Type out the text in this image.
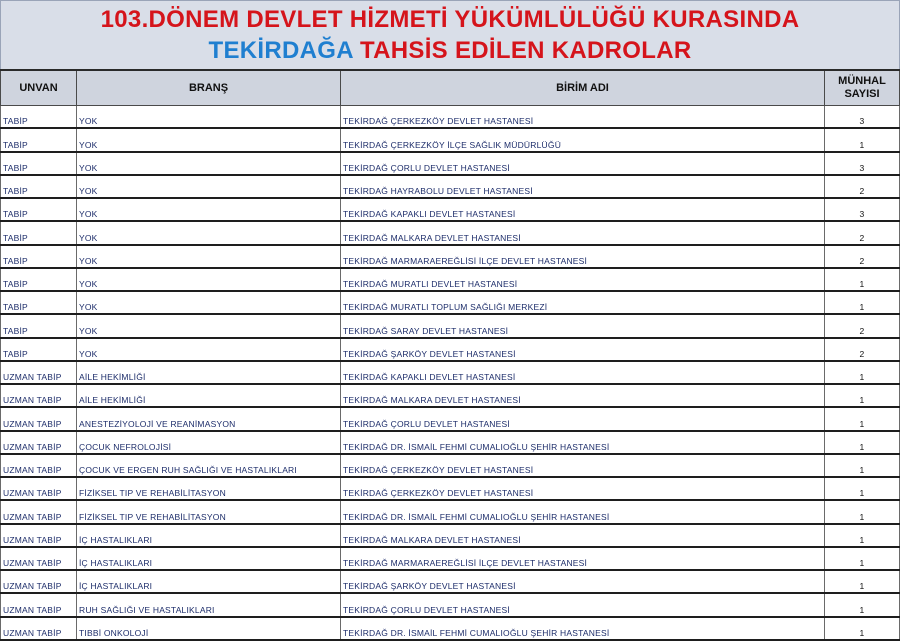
103.DÖNEM DEVLET HİZMETİ YÜKÜMLÜLÜĞÜ KURASINDA
TEKİRDAĞA TAHSİS EDİLEN KADROLAR
UNVAN	BRANŞ	BİRİM ADI	MÜNHAL
SAYISI
TABİP	YOK	TEKİRDAĞ ÇERKEZKÖY DEVLET HASTANESİ	3
TABİP	YOK	TEKİRDAĞ ÇERKEZKÖY İLÇE SAĞLIK MÜDÜRLÜĞÜ	1
TABİP	YOK	TEKİRDAĞ ÇORLU DEVLET HASTANESİ	3
TABİP	YOK	TEKİRDAĞ HAYRABOLU DEVLET HASTANESİ	2
TABİP	YOK	TEKİRDAĞ KAPAKLI DEVLET HASTANESİ	3
TABİP	YOK	TEKİRDAĞ MALKARA DEVLET HASTANESİ	2
TABİP	YOK	TEKİRDAĞ MARMARAEREĞLİSİ İLÇE DEVLET HASTANESİ	2
TABİP	YOK	TEKİRDAĞ MURATLI DEVLET HASTANESİ	1
TABİP	YOK	TEKİRDAĞ MURATLI TOPLUM SAĞLIĞI MERKEZİ	1
TABİP	YOK	TEKİRDAĞ SARAY DEVLET HASTANESİ	2
TABİP	YOK	TEKİRDAĞ ŞARKÖY DEVLET HASTANESİ	2
UZMAN TABİP	AİLE HEKİMLİĞİ	TEKİRDAĞ KAPAKLI DEVLET HASTANESİ	1
UZMAN TABİP	AİLE HEKİMLİĞİ	TEKİRDAĞ MALKARA DEVLET HASTANESİ	1
UZMAN TABİP	ANESTEZİYOLOJİ VE REANİMASYON	TEKİRDAĞ ÇORLU DEVLET HASTANESİ	1
UZMAN TABİP	ÇOCUK NEFROLOJİSİ	TEKİRDAĞ DR. İSMAİL FEHMİ CUMALIOĞLU ŞEHİR HASTANESİ	1
UZMAN TABİP	ÇOCUK VE ERGEN RUH SAĞLIĞI VE HASTALIKLARI	TEKİRDAĞ ÇERKEZKÖY DEVLET HASTANESİ	1
UZMAN TABİP	FİZİKSEL TIP VE REHABİLİTASYON	TEKİRDAĞ ÇERKEZKÖY DEVLET HASTANESİ	1
UZMAN TABİP	FİZİKSEL TIP VE REHABİLİTASYON	TEKİRDAĞ DR. İSMAİL FEHMİ CUMALIOĞLU ŞEHİR HASTANESİ	1
UZMAN TABİP	İÇ HASTALIKLARI	TEKİRDAĞ MALKARA DEVLET HASTANESİ	1
UZMAN TABİP	İÇ HASTALIKLARI	TEKİRDAĞ MARMARAEREĞLİSİ İLÇE DEVLET HASTANESİ	1
UZMAN TABİP	İÇ HASTALIKLARI	TEKİRDAĞ ŞARKÖY DEVLET HASTANESİ	1
UZMAN TABİP	RUH SAĞLIĞI VE HASTALIKLARI	TEKİRDAĞ ÇORLU DEVLET HASTANESİ	1
UZMAN TABİP	TIBBİ ONKOLOJİ	TEKİRDAĞ DR. İSMAİL FEHMİ CUMALIOĞLU ŞEHİR HASTANESİ	1
